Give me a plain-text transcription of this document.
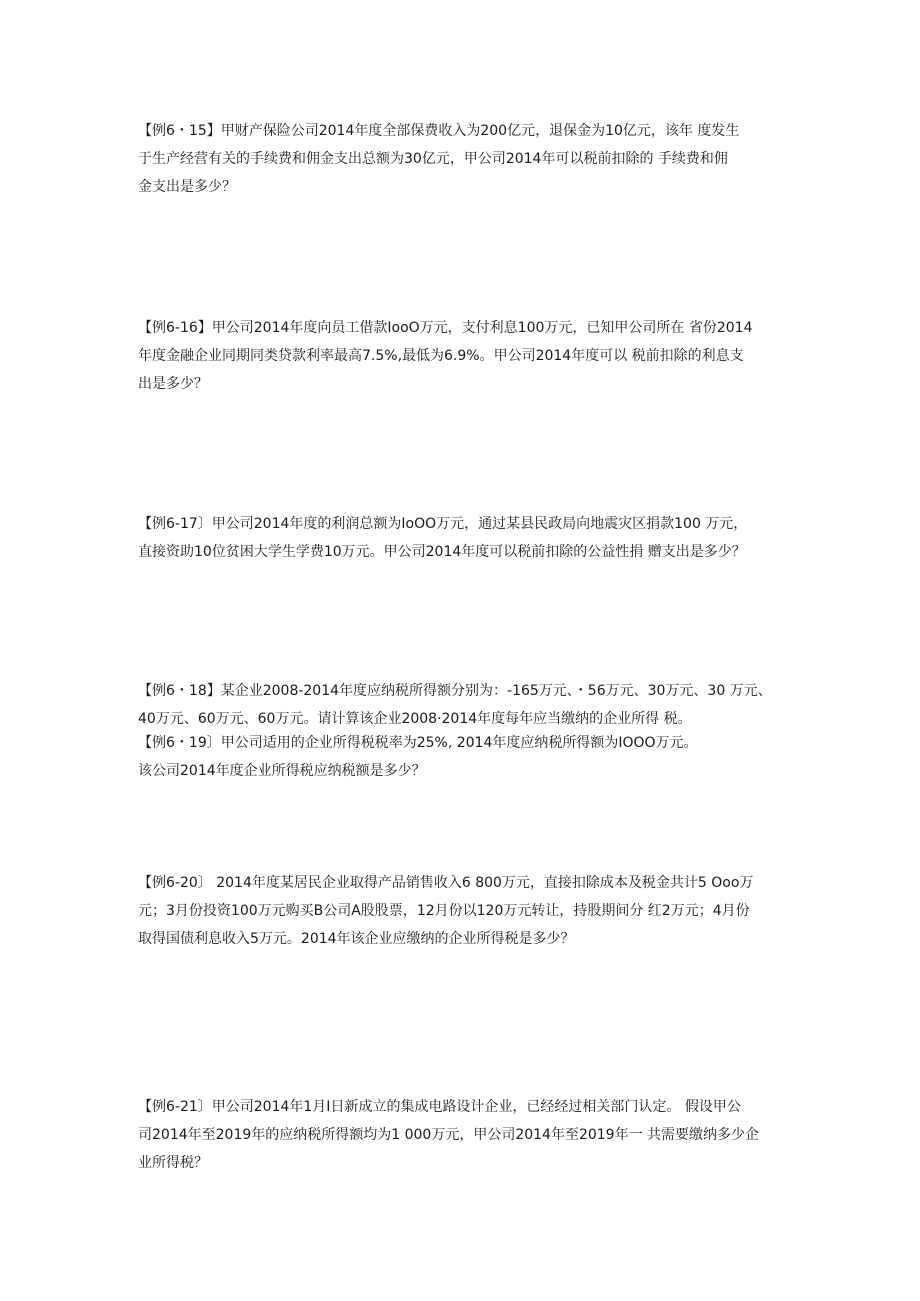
【例6・15】甲财产保险公司2014年度全部保费收入为200亿元，退保金为10亿元，该年 度发生
于生产经营有关的手续费和佣金支出总额为30亿元，甲公司2014年可以税前扣除的 手续费和佣
金支出是多少？
【例6-16】甲公司2014年度向员工借款IooO万元，支付利息100万元，已知甲公司所在 省份2014
年度金融企业同期同类贷款利率最高7.5%,最低为6.9%。甲公司2014年度可以 税前扣除的利息支
出是多少？
【例6-17〕甲公司2014年度的利润总额为IoOO万元，通过某县民政局向地震灾区捐款100 万元，
直接资助10位贫困大学生学费10万元。甲公司2014年度可以税前扣除的公益性捐 赠支出是多少？
【例6・18】某企业2008-2014年度应纳税所得额分别为：-165万元、・56万元、30万元、30 万元、
40万元、60万元、60万元。请计算该企业2008·2014年度每年应当缴纳的企业所得 税。
【例6・19〕甲公司适用的企业所得税税率为25%, 2014年度应纳税所得额为IOOO万元。
该公司2014年度企业所得税应纳税额是多少？
【例6-20〕 2014年度某居民企业取得产品销售收入6 800万元，直接扣除成本及税金共计5 Ooo万
元；3月份投资100万元购买B公司A股股票，12月份以120万元转让，持股期间分 红2万元；4月份
取得国债利息收入5万元。2014年该企业应缴纳的企业所得税是多少？
【例6-21〕甲公司2014年1月I日新成立的集成电路设计企业，已经经过相关部门认定。 假设甲公
司2014年至2019年的应纳税所得额均为1 000万元，甲公司2014年至2019年一 共需要缴纳多少企
业所得税？
